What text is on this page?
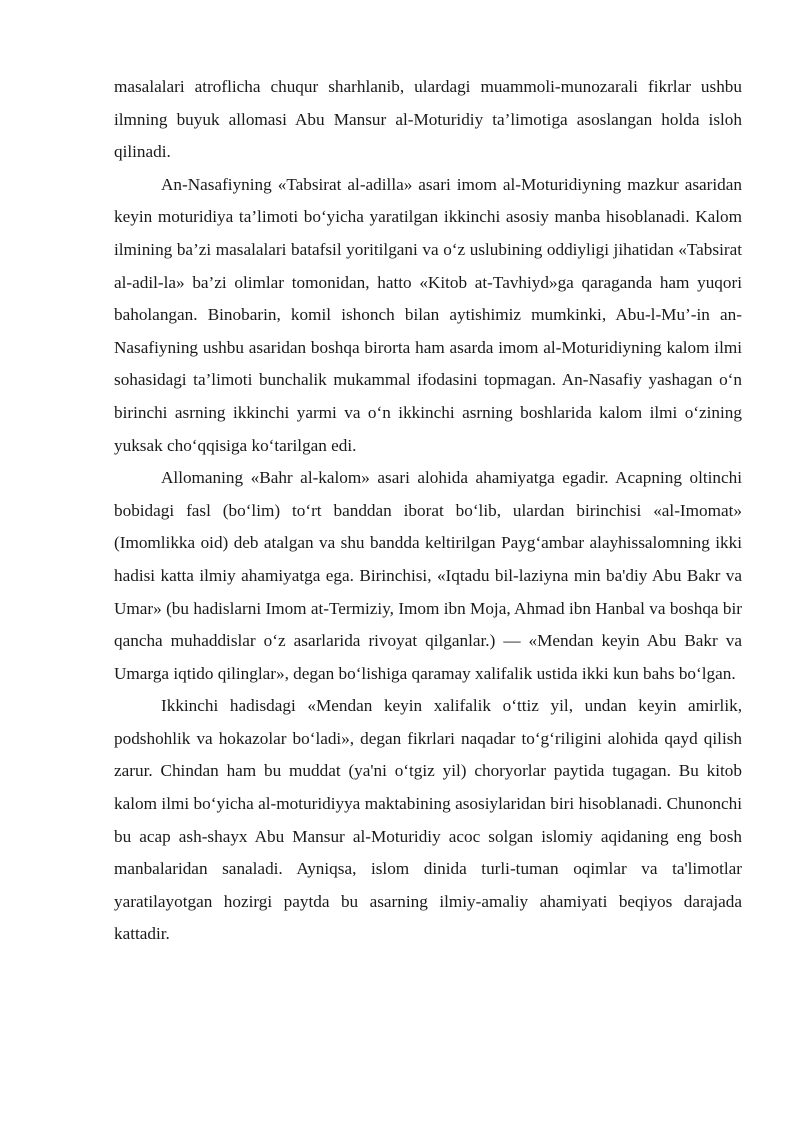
masalalari atroflicha chuqur sharhlanib, ulardagi muammoli-munozarali fikrlar ushbu ilmning buyuk allomasi Abu Mansur al-Moturidiy ta’limotiga asoslangan holda isloh qilinadi.

An-Nasafiyning «Tabsirat al-adilla» asari imom al-Moturidiyning mazkur asaridan keyin moturidiya ta’limoti bo‘yicha yaratilgan ikkinchi asosiy manba hisoblanadi. Kalom ilmining ba’zi masalalari batafsil yoritilgani va o‘z uslubining oddiyligi jihatidan «Tabsirat al-adil-la» ba’zi olimlar tomonidan, hatto «Kitob at-Tavhiyd»ga qaraganda ham yuqori baholangan. Binobarin, komil ishonch bilan aytishimiz mumkinki, Abu-l-Mu’-in an-Nasafiyning ushbu asaridan boshqa birorta ham asarda imom al-Moturidiyning kalom ilmi sohasidagi ta’limoti bunchalik mukammal ifodasini topmagan. An-Nasafiy yashagan o‘n birinchi asrning ikkinchi yarmi va o‘n ikkinchi asrning boshlarida kalom ilmi o‘zining yuksak cho‘qqisiga ko‘tarilgan edi.

Allomaning «Bahr al-kalom» asari alohida ahamiyatga egadir. Acapning oltinchi bobidagi fasl (bo‘lim) to‘rt banddan iborat bo‘lib, ulardan birinchisi «al-Imomat» (Imomlikka oid) deb atalgan va shu bandda keltirilgan Payg‘ambar alayhissalomning ikki hadisi katta ilmiy ahamiyatga ega. Birinchisi, «Iqtadu bil-laziyna min ba'diy Abu Bakr va Umar» (bu hadislarni Imom at-Termiziy, Imom ibn Moja, Ahmad ibn Hanbal va boshqa bir qancha muhaddislar o‘z asarlarida rivoyat qilganlar.) — «Mendan keyin Abu Bakr va Umarga iqtido qilinglar», degan bo‘lishiga qaramay xalifalik ustida ikki kun bahs bo‘lgan.

Ikkinchi hadisdagi «Mendan keyin xalifalik o‘ttiz yil, undan keyin amirlik, podshohlik va hokazolar bo‘ladi», degan fikrlari naqadar to‘g‘riligini alohida qayd qilish zarur. Chindan ham bu muddat (ya'ni o‘tgiz yil) choryorlar paytida tugagan. Bu kitob kalom ilmi bo‘yicha al-moturidiyya maktabining asosiylaridan biri hisoblanadi. Chunonchi bu acap ash-shayx Abu Mansur al-Moturidiy acoc solgan islomiy aqidaning eng bosh manbalaridan sanaladi. Ayniqsa, islom dinida turli-tuman oqimlar va ta'limotlar yaratilayotgan hozirgi paytda bu asarning ilmiy-amaliy ahamiyati beqiyos darajada kattadir.
